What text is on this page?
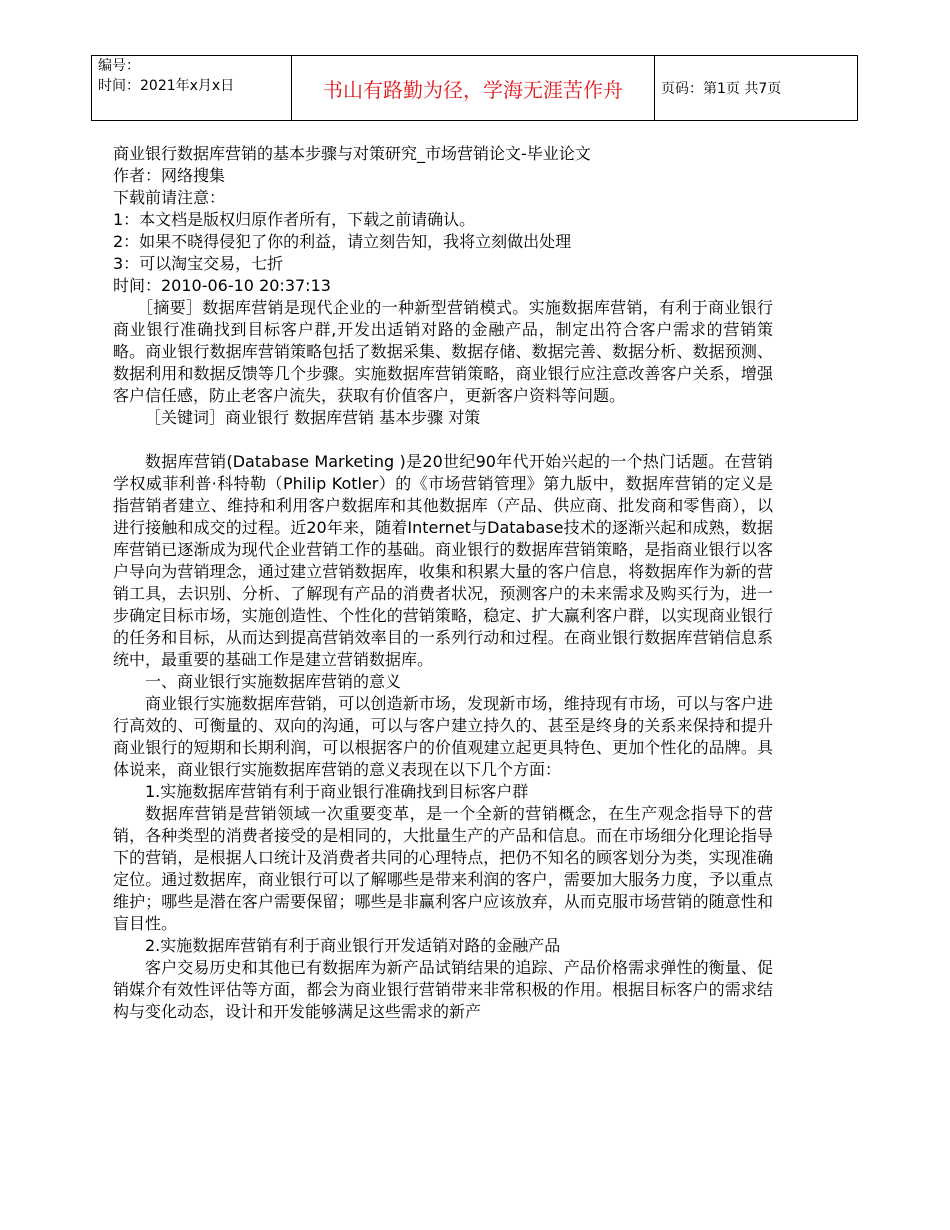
编号：
时间：2021年x月x日	书山有路勤为径，学海无涯苦作舟	页码：第1页 共7页

商业银行数据库营销的基本步骤与对策研究_市场营销论文-毕业论文

作者：网络搜集

下载前请注意：

1：本文档是版权归原作者所有，下载之前请确认。

2：如果不晓得侵犯了你的利益，请立刻告知，我将立刻做出处理

3：可以淘宝交易，七折

时间：2010-06-10 20:37:13

［摘要］数据库营销是现代企业的一种新型营销模式。实施数据库营销，有利于商业银行商业银行准确找到目标客户群,开发出适销对路的金融产品，制定出符合客户需求的营销策略。商业银行数据库营销策略包括了数据采集、数据存储、数据完善、数据分析、数据预测、数据利用和数据反馈等几个步骤。实施数据库营销策略，商业银行应注意改善客户关系，增强客户信任感，防止老客户流失，获取有价值客户，更新客户资料等问题。

［关键词］商业银行 数据库营销 基本步骤 对策

数据库营销(Database Marketing )是20世纪90年代开始兴起的一个热门话题。在营销学权威菲利普·科特勒（Philip Kotler）的《市场营销管理》第九版中，数据库营销的定义是指营销者建立、维持和利用客户数据库和其他数据库（产品、供应商、批发商和零售商），以进行接触和成交的过程。近20年来，随着Internet与Database技术的逐渐兴起和成熟，数据库营销已逐渐成为现代企业营销工作的基础。商业银行的数据库营销策略，是指商业银行以客户导向为营销理念，通过建立营销数据库，收集和积累大量的客户信息，将数据库作为新的营销工具，去识别、分析、了解现有产品的消费者状况，预测客户的未来需求及购买行为，进一步确定目标市场，实施创造性、个性化的营销策略，稳定、扩大赢利客户群，以实现商业银行的任务和目标，从而达到提高营销效率目的一系列行动和过程。在商业银行数据库营销信息系统中，最重要的基础工作是建立营销数据库。

一、商业银行实施数据库营销的意义

商业银行实施数据库营销，可以创造新市场，发现新市场，维持现有市场，可以与客户进行高效的、可衡量的、双向的沟通，可以与客户建立持久的、甚至是终身的关系来保持和提升商业银行的短期和长期利润，可以根据客户的价值观建立起更具特色、更加个性化的品牌。具体说来，商业银行实施数据库营销的意义表现在以下几个方面：

1.实施数据库营销有利于商业银行准确找到目标客户群

数据库营销是营销领域一次重要变革，是一个全新的营销概念，在生产观念指导下的营销，各种类型的消费者接受的是相同的，大批量生产的产品和信息。而在市场细分化理论指导下的营销，是根据人口统计及消费者共同的心理特点，把仍不知名的顾客划分为类，实现准确定位。通过数据库，商业银行可以了解哪些是带来利润的客户，需要加大服务力度，予以重点维护；哪些是潜在客户需要保留；哪些是非赢利客户应该放弃，从而克服市场营销的随意性和盲目性。

2.实施数据库营销有利于商业银行开发适销对路的金融产品

客户交易历史和其他已有数据库为新产品试销结果的追踪、产品价格需求弹性的衡量、促销媒介有效性评估等方面，都会为商业银行营销带来非常积极的作用。根据目标客户的需求结构与变化动态，设计和开发能够满足这些需求的新产
